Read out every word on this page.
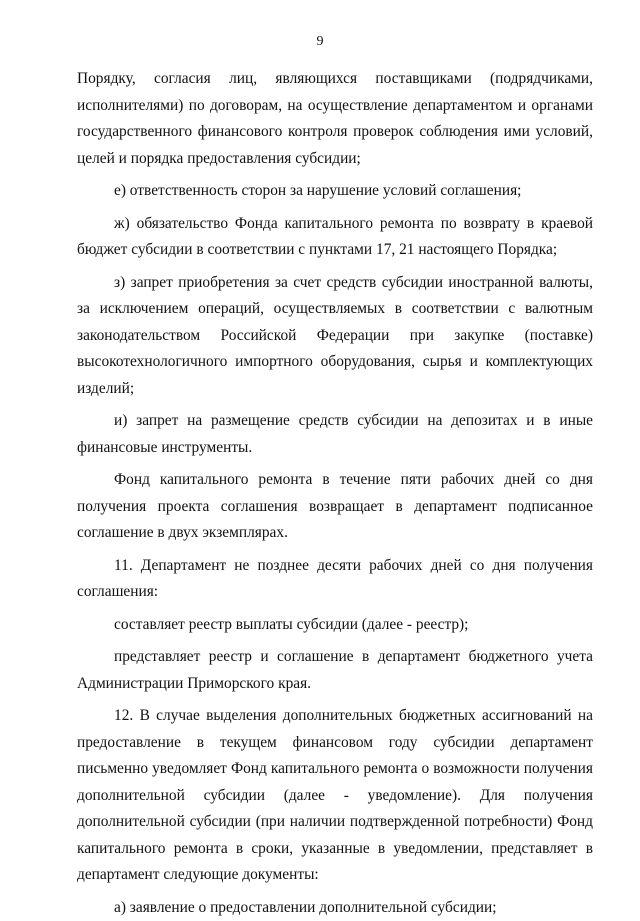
9

Порядку, согласия лиц, являющихся поставщиками (подрядчиками, исполнителями) по договорам, на осуществление департаментом и органами государственного финансового контроля проверок соблюдения ими условий, целей и порядка предоставления субсидии;

е) ответственность сторон за нарушение условий соглашения;

ж) обязательство Фонда капитального ремонта по возврату в краевой бюджет субсидии в соответствии с пунктами 17, 21 настоящего Порядка;

з) запрет приобретения за счет средств субсидии иностранной валюты, за исключением операций, осуществляемых в соответствии с валютным законодательством Российской Федерации при закупке (поставке) высокотехнологичного импортного оборудования, сырья и комплектующих изделий;

и) запрет на размещение средств субсидии на депозитах и в иные финансовые инструменты.

Фонд капитального ремонта в течение пяти рабочих дней со дня получения проекта соглашения возвращает в департамент подписанное соглашение в двух экземплярах.

11. Департамент не позднее десяти рабочих дней со дня получения соглашения:

составляет реестр выплаты субсидии (далее - реестр);

представляет реестр и соглашение в департамент бюджетного учета Администрации Приморского края.

12. В случае выделения дополнительных бюджетных ассигнований на предоставление в текущем финансовом году субсидии департамент письменно уведомляет Фонд капитального ремонта о возможности получения дополнительной субсидии (далее - уведомление). Для получения дополнительной субсидии (при наличии подтвержденной потребности) Фонд капитального ремонта в сроки, указанные в уведомлении, представляет в департамент следующие документы:

а) заявление о предоставлении дополнительной субсидии;
